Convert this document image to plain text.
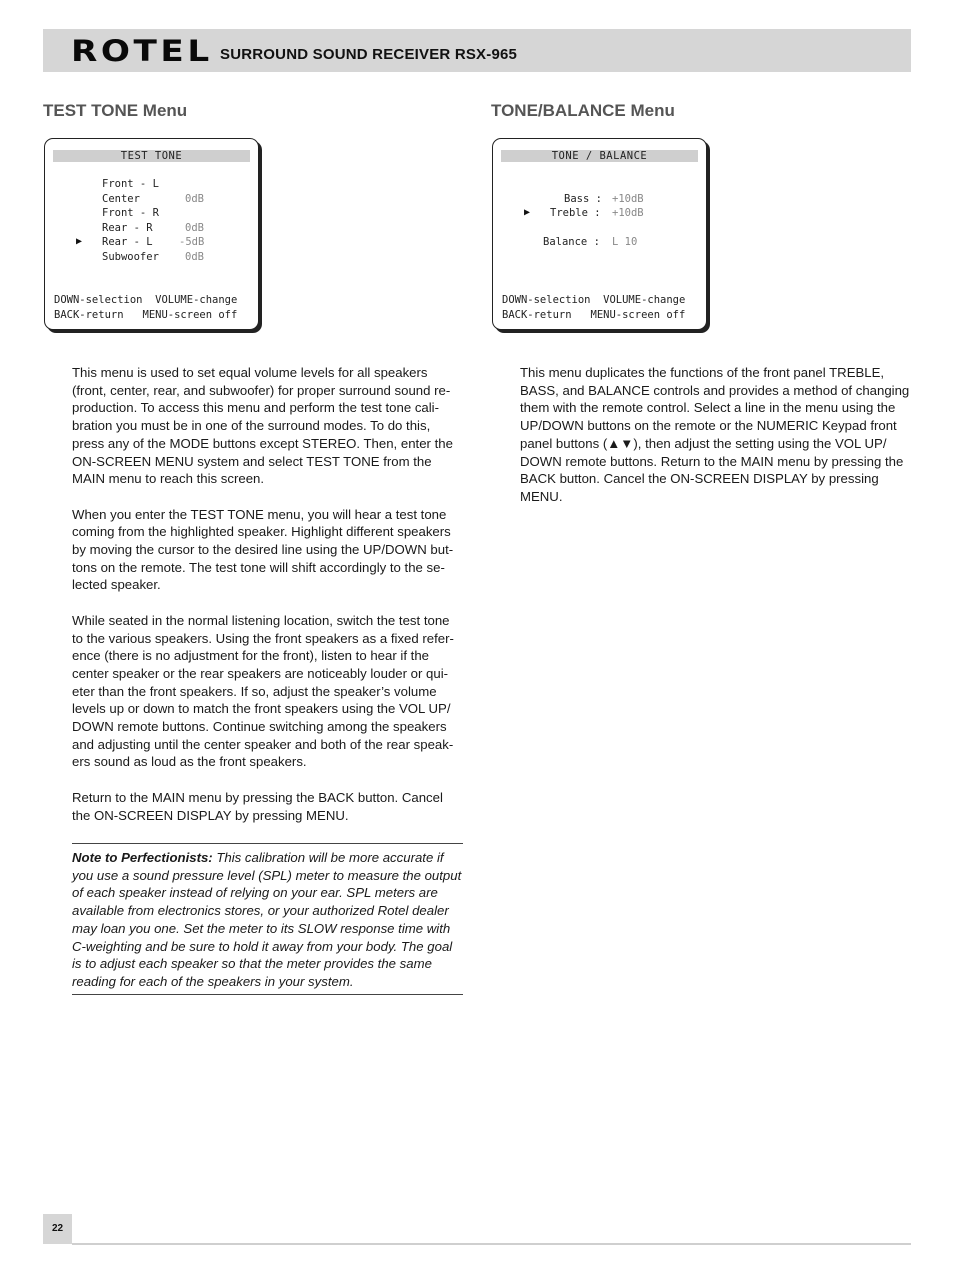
ROTEL SURROUND SOUND RECEIVER RSX-965
TEST TONE Menu
TEST TONE
Front - L
Center	0dB
Front - R
Rear - R	0dB
▶ Rear - L	-5dB
Subwoofer 0dB
DOWN-selection  VOLUME-change
BACK-return   MENU-screen off

This menu is used to set equal volume levels for all speakers (front, center, rear, and subwoofer) for proper surround sound re-production. To access this menu and perform the test tone cali-bration you must be in one of the surround modes. To do this, press any of the MODE buttons except STEREO. Then, enter the ON-SCREEN MENU system and select TEST TONE from the MAIN menu to reach this screen.

When you enter the TEST TONE menu, you will hear a test tone coming from the highlighted speaker. Highlight different speakers by moving the cursor to the desired line using the UP/DOWN but-tons on the remote. The test tone will shift accordingly to the se-lected speaker.

While seated in the normal listening location, switch the test tone to the various speakers. Using the front speakers as a fixed refer-ence (there is no adjustment for the front), listen to hear if the center speaker or the rear speakers are noticeably louder or qui-eter than the front speakers. If so, adjust the speaker’s volume levels up or down to match the front speakers using the VOL UP/ DOWN remote buttons. Continue switching among the speakers and adjusting until the center speaker and both of the rear speak-ers sound as loud as the front speakers.

Return to the MAIN menu by pressing the BACK button. Cancel the ON-SCREEN DISPLAY by pressing MENU.

Note to Perfectionists: This calibration will be more accurate if you use a sound pressure level (SPL) meter to measure the output of each speaker instead of relying on your ear. SPL meters are available from electronics stores, or your authorized Rotel dealer may loan you one. Set the meter to its SLOW response time with C-weighting and be sure to hold it away from your body. The goal is to adjust each speaker so that the meter provides the same reading for each of the speakers in your system.
TONE/BALANCE Menu
TONE / BALANCE
Bass : +10dB
▶ Treble : +10dB
Balance : L 10
DOWN-selection  VOLUME-change
BACK-return   MENU-screen off

This menu duplicates the functions of the front panel TREBLE, BASS, and BALANCE controls and provides a method of changing them with the remote control. Select a line in the menu using the UP/DOWN buttons on the remote or the NUMERIC Keypad front panel buttons (▲▼), then adjust the setting using the VOL UP/ DOWN remote buttons. Return to the MAIN menu by pressing the BACK button. Cancel the ON-SCREEN DISPLAY by pressing MENU.

22
